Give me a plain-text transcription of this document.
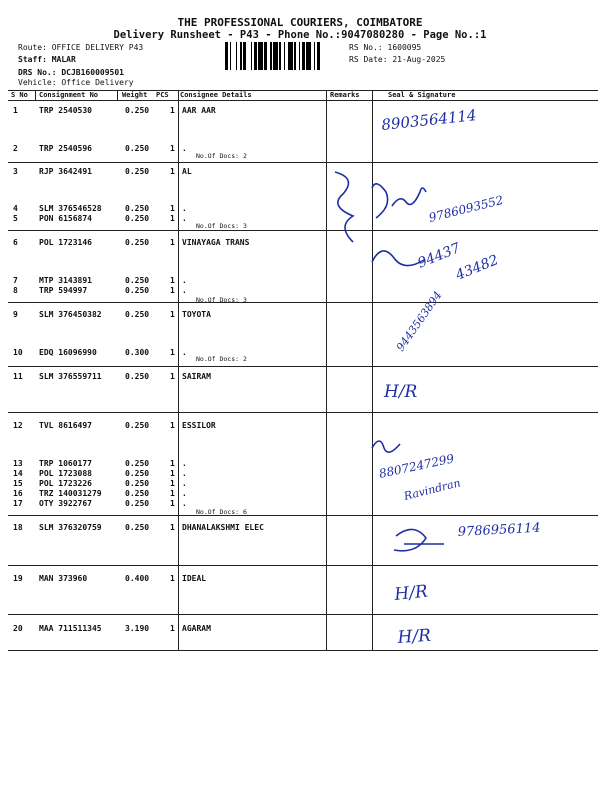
THE PROFESSIONAL COURIERS, COIMBATORE
Delivery Runsheet - P43 - Phone No.:9047080280 - Page No.:1
Route: OFFICE DELIVERY P43
Staff: MALAR
DRS No.: DCJB160009501
Vehicle: Office Delivery
RS No.: 1600095
RS Date: 21-Aug-2025
S No Consignment No	Weight PCS Consignee Details	Remarks	Seal & Signature
1	TRP 2540530	0.250	1 AAR AAR
2	TRP 2540596	0.250	1 .
No.Of Docs: 2
3	RJP 3642491	0.250	1 AL
4	SLM 376546528	0.250	1 .
5	PON 6156874	0.250	1 .
No.Of Docs: 3
6	POL 1723146	0.250	1 VINAYAGA TRANS
7	MTP 3143891	0.250	1 .
8	TRP 594997	0.250	1 .
No.Of Docs: 3
9	SLM 376450382	0.250	1 TOYOTA
10 EDQ 16096990	0.300	1 .
No.Of Docs: 2
11 SLM 376559711	0.250	1 SAIRAM
12 TVL 8616497	0.250	1 ESSILOR
13 TRP 1060177	0.250	1 .
14 POL 1723088	0.250	1 .
15 POL 1723226	0.250	1 .
16 TRZ 140031279	0.250	1 .
17 OTY 3922767	0.250	1 .
No.Of Docs: 6
18 SLM 376320759	0.250	1 DHANALAKSHMI ELEC
19 MAN 373960	0.400	1 IDEAL
20 MAA 711511345	3.190	1 AGARAM
8903564114
9786093552
94437
43482
9443563894
H/R
8807247299
Ravindran
9786956114
H/R
H/R
